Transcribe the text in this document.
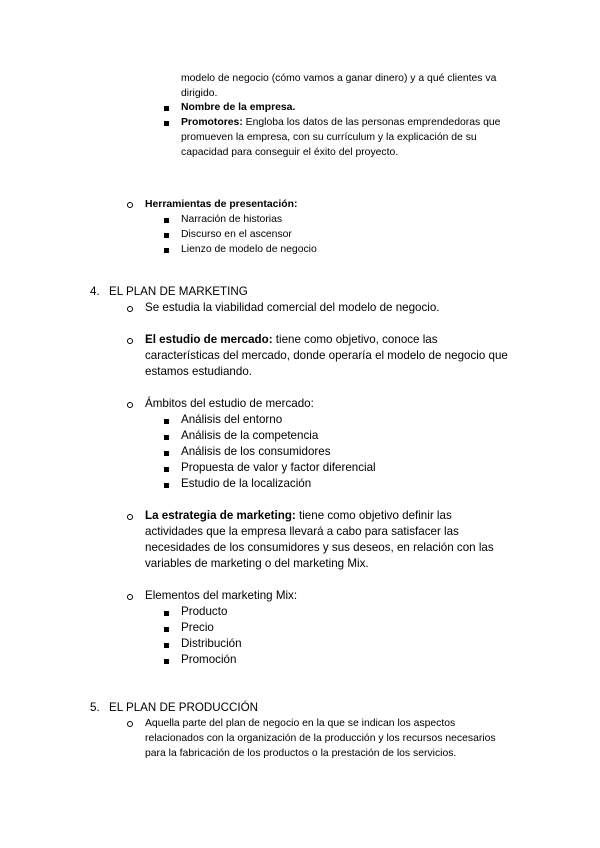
modelo de negocio (cómo vamos a ganar dinero) y a qué clientes va
dirigido.
Nombre de la empresa.
Promotores: Engloba los datos de las personas emprendedoras que
promueven la empresa, con su currículum y la explicación de su
capacidad para conseguir el éxito del proyecto.
Herramientas de presentación:
Narración de historias
Discurso en el ascensor
Lienzo de modelo de negocio
4. EL PLAN DE MARKETING
Se estudia la viabilidad comercial del modelo de negocio.
El estudio de mercado: tiene como objetivo, conoce las
características del mercado, donde operaría el modelo de negocio que
estamos estudiando.
Ámbitos del estudio de mercado:
Análisis del entorno
Análisis de la competencia
Análisis de los consumidores
Propuesta de valor y factor diferencial
Estudio de la localización
La estrategia de marketing: tiene como objetivo definir las
actividades que la empresa llevará a cabo para satisfacer las
necesidades de los consumidores y sus deseos, en relación con las
variables de marketing o del marketing Mix.
Elementos del marketing Mix:
Producto
Precio
Distribución
Promoción
5. EL PLAN DE PRODUCCIÓN
Aquella parte del plan de negocio en la que se indican los aspectos
relacionados con la organización de la producción y los recursos necesarios
para la fabricación de los productos o la prestación de los servicios.
